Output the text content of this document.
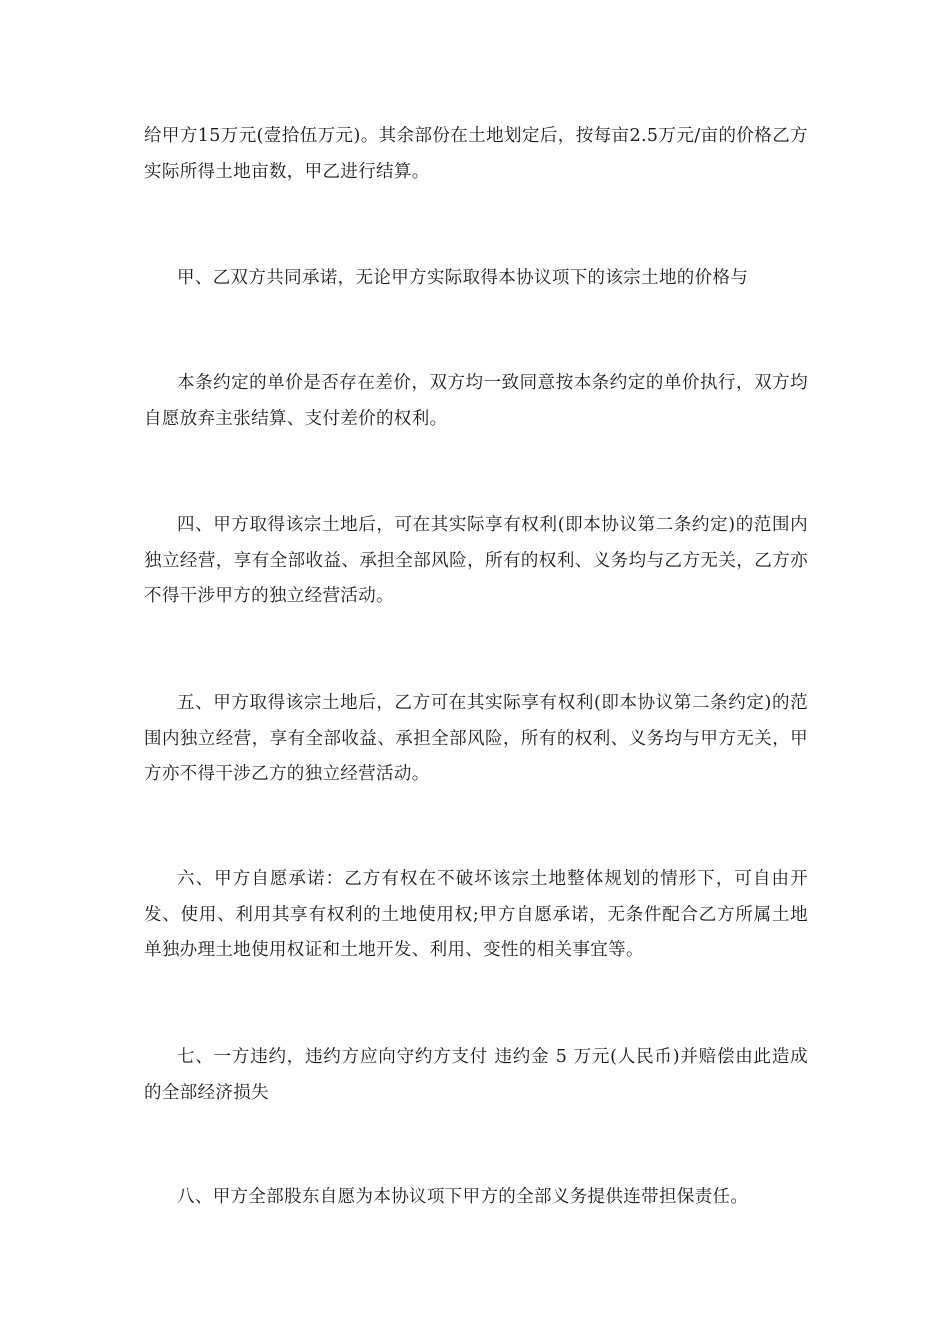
给甲方15万元(壹拾伍万元)。其余部份在土地划定后，按每亩2.5万元/亩的价格乙方实际所得土地亩数，甲乙进行结算。

甲、乙双方共同承诺，无论甲方实际取得本协议项下的该宗土地的价格与

本条约定的单价是否存在差价，双方均一致同意按本条约定的单价执行，双方均自愿放弃主张结算、支付差价的权利。

四、甲方取得该宗土地后，可在其实际享有权利(即本协议第二条约定)的范围内独立经营，享有全部收益、承担全部风险，所有的权利、义务均与乙方无关，乙方亦不得干涉甲方的独立经营活动。

五、甲方取得该宗土地后，乙方可在其实际享有权利(即本协议第二条约定)的范围内独立经营，享有全部收益、承担全部风险，所有的权利、义务均与甲方无关，甲方亦不得干涉乙方的独立经营活动。

六、甲方自愿承诺：乙方有权在不破坏该宗土地整体规划的情形下，可自由开发、使用、利用其享有权利的土地使用权;甲方自愿承诺，无条件配合乙方所属土地单独办理土地使用权证和土地开发、利用、变性的相关事宜等。

七、一方违约，违约方应向守约方支付 违约金 5 万元(人民币)并赔偿由此造成的全部经济损失

八、甲方全部股东自愿为本协议项下甲方的全部义务提供连带担保责任。
